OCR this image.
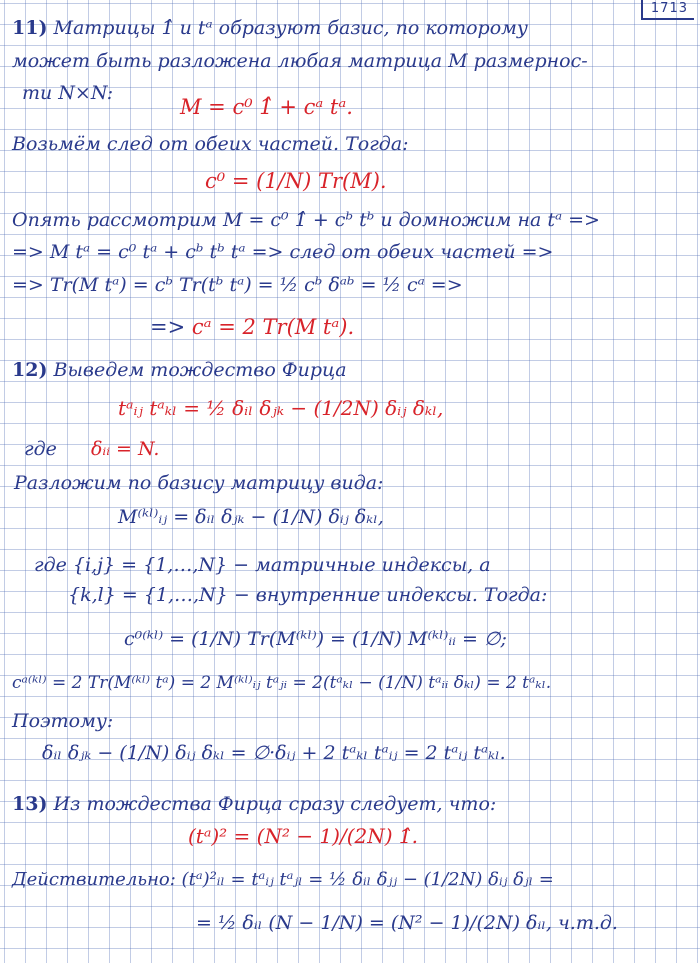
1713
11) Матрицы 1̂ и tᵃ образуют базис, по которому
может быть разложена любая матрица M размернос-
ти N×N:
M = c⁰ 1̂ + cᵃ tᵃ.
Возьмём след от обеих частей. Тогда:
c⁰ = (1/N) Tr(M).
Опять рассмотрим M = c⁰ 1̂ + cᵇ tᵇ и домножим на tᵃ =>
=> M tᵃ = c⁰ tᵃ + cᵇ tᵇ tᵃ => след от обеих частей =>
=> Tr(M tᵃ) = cᵇ Tr(tᵇ tᵃ) = ½ cᵇ δᵃᵇ = ½ cᵃ =>
=> cᵃ = 2 Tr(M tᵃ).
12) Выведем тождество Фирца
tᵃᵢⱼ tᵃₖₗ = ½ δᵢₗ δⱼₖ − (1/2N) δᵢⱼ δₖₗ,
где δᵢᵢ = N.
Разложим по базису матрицу вида:
M⁽ᵏˡ⁾ᵢⱼ = δᵢₗ δⱼₖ − (1/N) δᵢⱼ δₖₗ,
где {i,j} = {1,…,N} − матричные индексы, а
{k,l} = {1,…,N} − внутренние индексы. Тогда:
c⁰⁽ᵏˡ⁾ = (1/N) Tr(M⁽ᵏˡ⁾) = (1/N) M⁽ᵏˡ⁾ᵢᵢ = ∅;
cᵃ⁽ᵏˡ⁾ = 2 Tr(M⁽ᵏˡ⁾ tᵃ) = 2 M⁽ᵏˡ⁾ᵢⱼ tᵃⱼᵢ = 2(tᵃₖₗ − (1/N) tᵃᵢᵢ δₖₗ) = 2 tᵃₖₗ.
Поэтому:
δᵢₗ δⱼₖ − (1/N) δᵢⱼ δₖₗ = ∅·δᵢⱼ + 2 tᵃₖₗ tᵃᵢⱼ = 2 tᵃᵢⱼ tᵃₖₗ.
13) Из тождества Фирца сразу следует, что:
(tᵃ)² = (N² − 1)/(2N) 1̂.
Действительно: (tᵃ)²ᵢₗ = tᵃᵢⱼ tᵃⱼₗ = ½ δᵢₗ δⱼⱼ − (1/2N) δᵢⱼ δⱼₗ =
= ½ δᵢₗ (N − 1/N) = (N² − 1)/(2N) δᵢₗ, ч.т.д.
